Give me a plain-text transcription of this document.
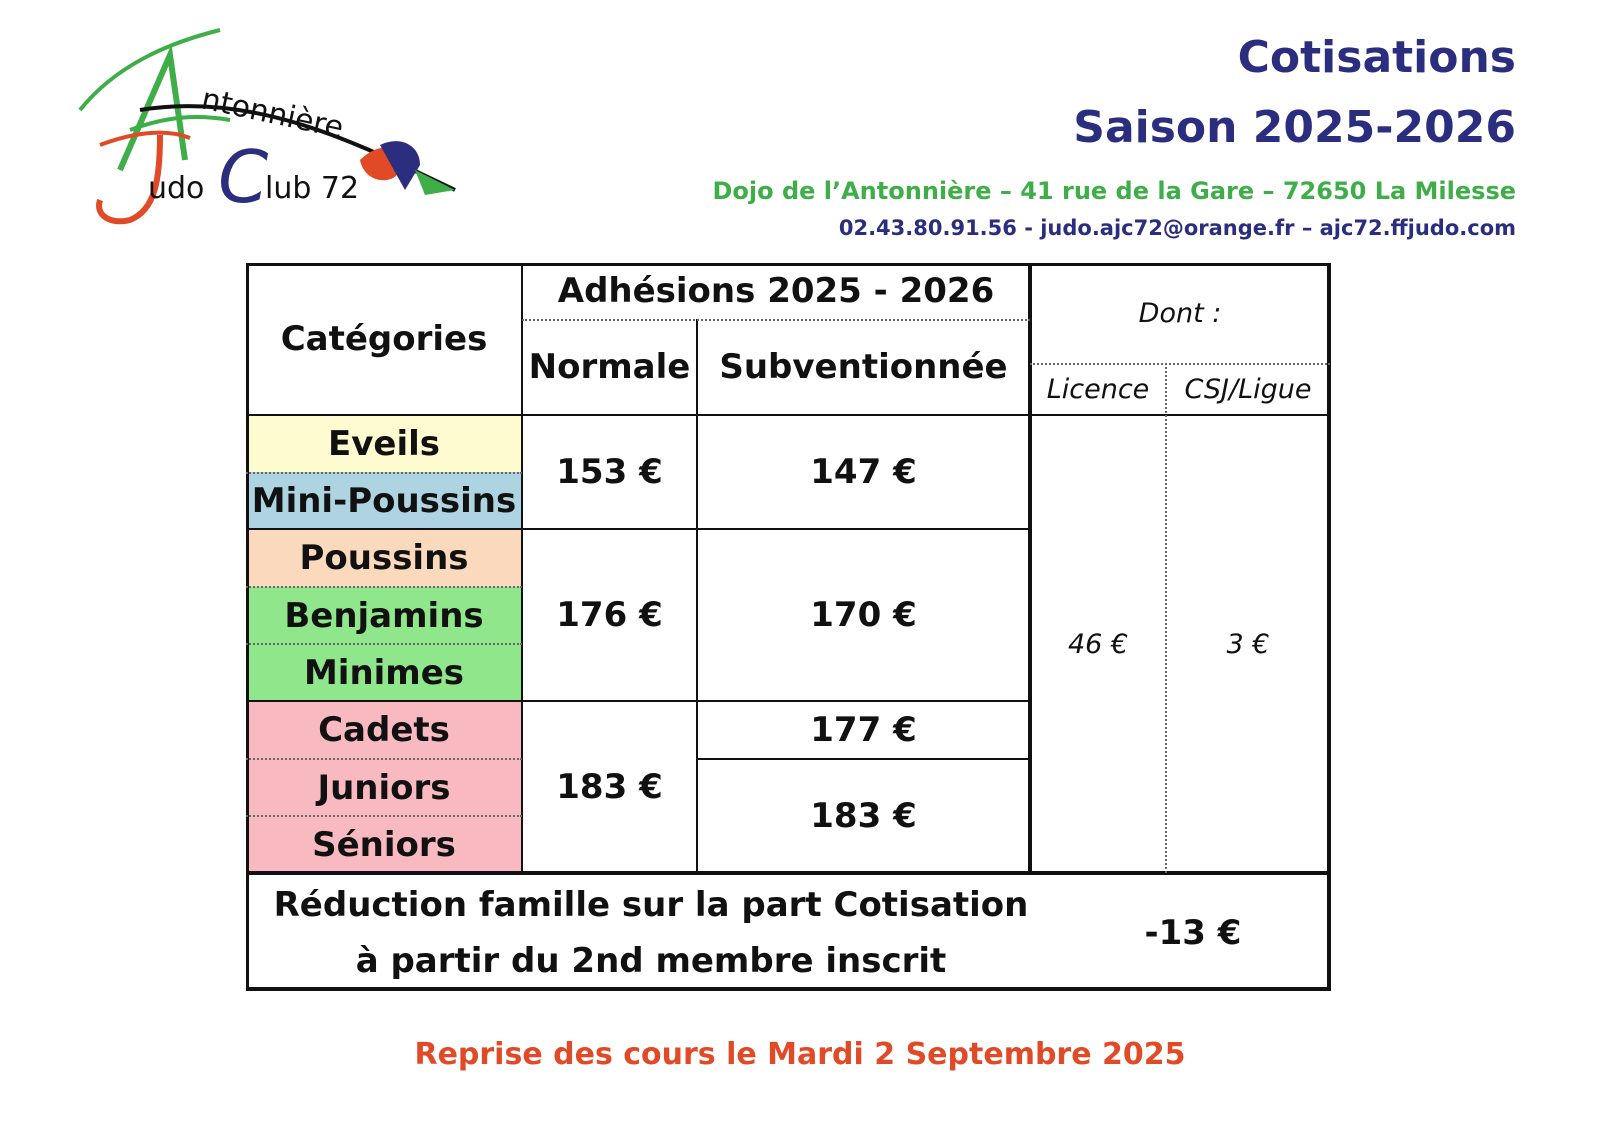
ntonnière
udo C
lub 72
Cotisations
Saison 2025-2026
Dojo de l’Antonnière – 41 rue de la Gare – 72650 La Milesse
02.43.80.91.56 - judo.ajc72@orange.fr – ajc72.ffjudo.com
Eveils
Mini-Poussins
Poussins
Benjamins
Minimes
Cadets
Juniors
Séniors
Catégories
Adhésions 2025 - 2026
Normale Subventionnée
Dont :
Licence CSJ/Ligue
153 €
176 €
183 €
147 €
170 €
177 €
183 €
46 €	3 €
Réduction famille sur la part Cotisation
à partir du 2nd membre inscrit
-13 €
Reprise des cours le Mardi 2 Septembre 2025
